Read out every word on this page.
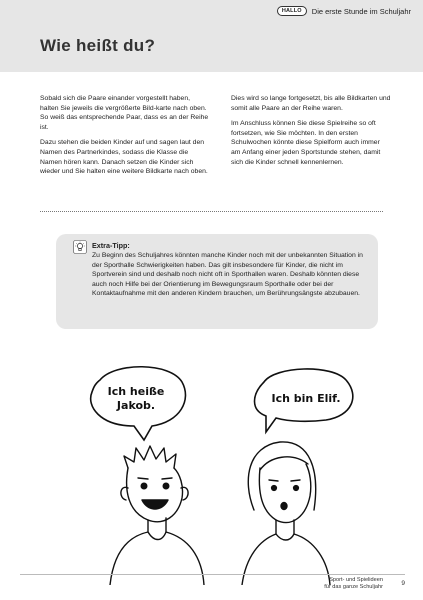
HALLO	Die erste Stunde im Schuljahr
Wie heißt du?

Sobald sich die Paare einander vorgestellt haben, halten Sie jeweils die vergrößerte Bild-karte nach oben. So weiß das entsprechende Paar, dass es an der Reihe ist.

Dazu stehen die beiden Kinder auf und sagen laut den Namen des Partnerkindes, sodass die Klasse die Namen hören kann. Danach setzen die Kinder sich wieder und Sie halten eine weitere Bildkarte nach oben.

Dies wird so lange fortgesetzt, bis alle Bildkarten und somit alle Paare an der Reihe waren.

Im Anschluss können Sie diese Spielreihe so oft fortsetzen, wie Sie möchten. In den ersten Schulwochen könnte diese Spielform auch immer am Anfang einer jeden Sportstunde stehen, damit sich die Kinder schnell kennenlernen.

Extra-Tipp:
Zu Beginn des Schuljahres könnten manche Kinder noch mit der unbekannten Situation in der Sporthalle Schwierigkeiten haben. Das gilt insbesondere für Kinder, die nicht im Sportverein sind und deshalb noch nicht oft in Sporthallen waren. Deshalb könnten diese auch noch Hilfe bei der Orientierung im Bewegungsraum Sporthalle oder bei der Kontaktaufnahme mit den anderen Kindern brauchen, um Berührungsängste abzubauen.
Ich heiße
Jakob.
Ich bin Elif.
Sport- und Spielideen
für das ganze Schuljahr	9
